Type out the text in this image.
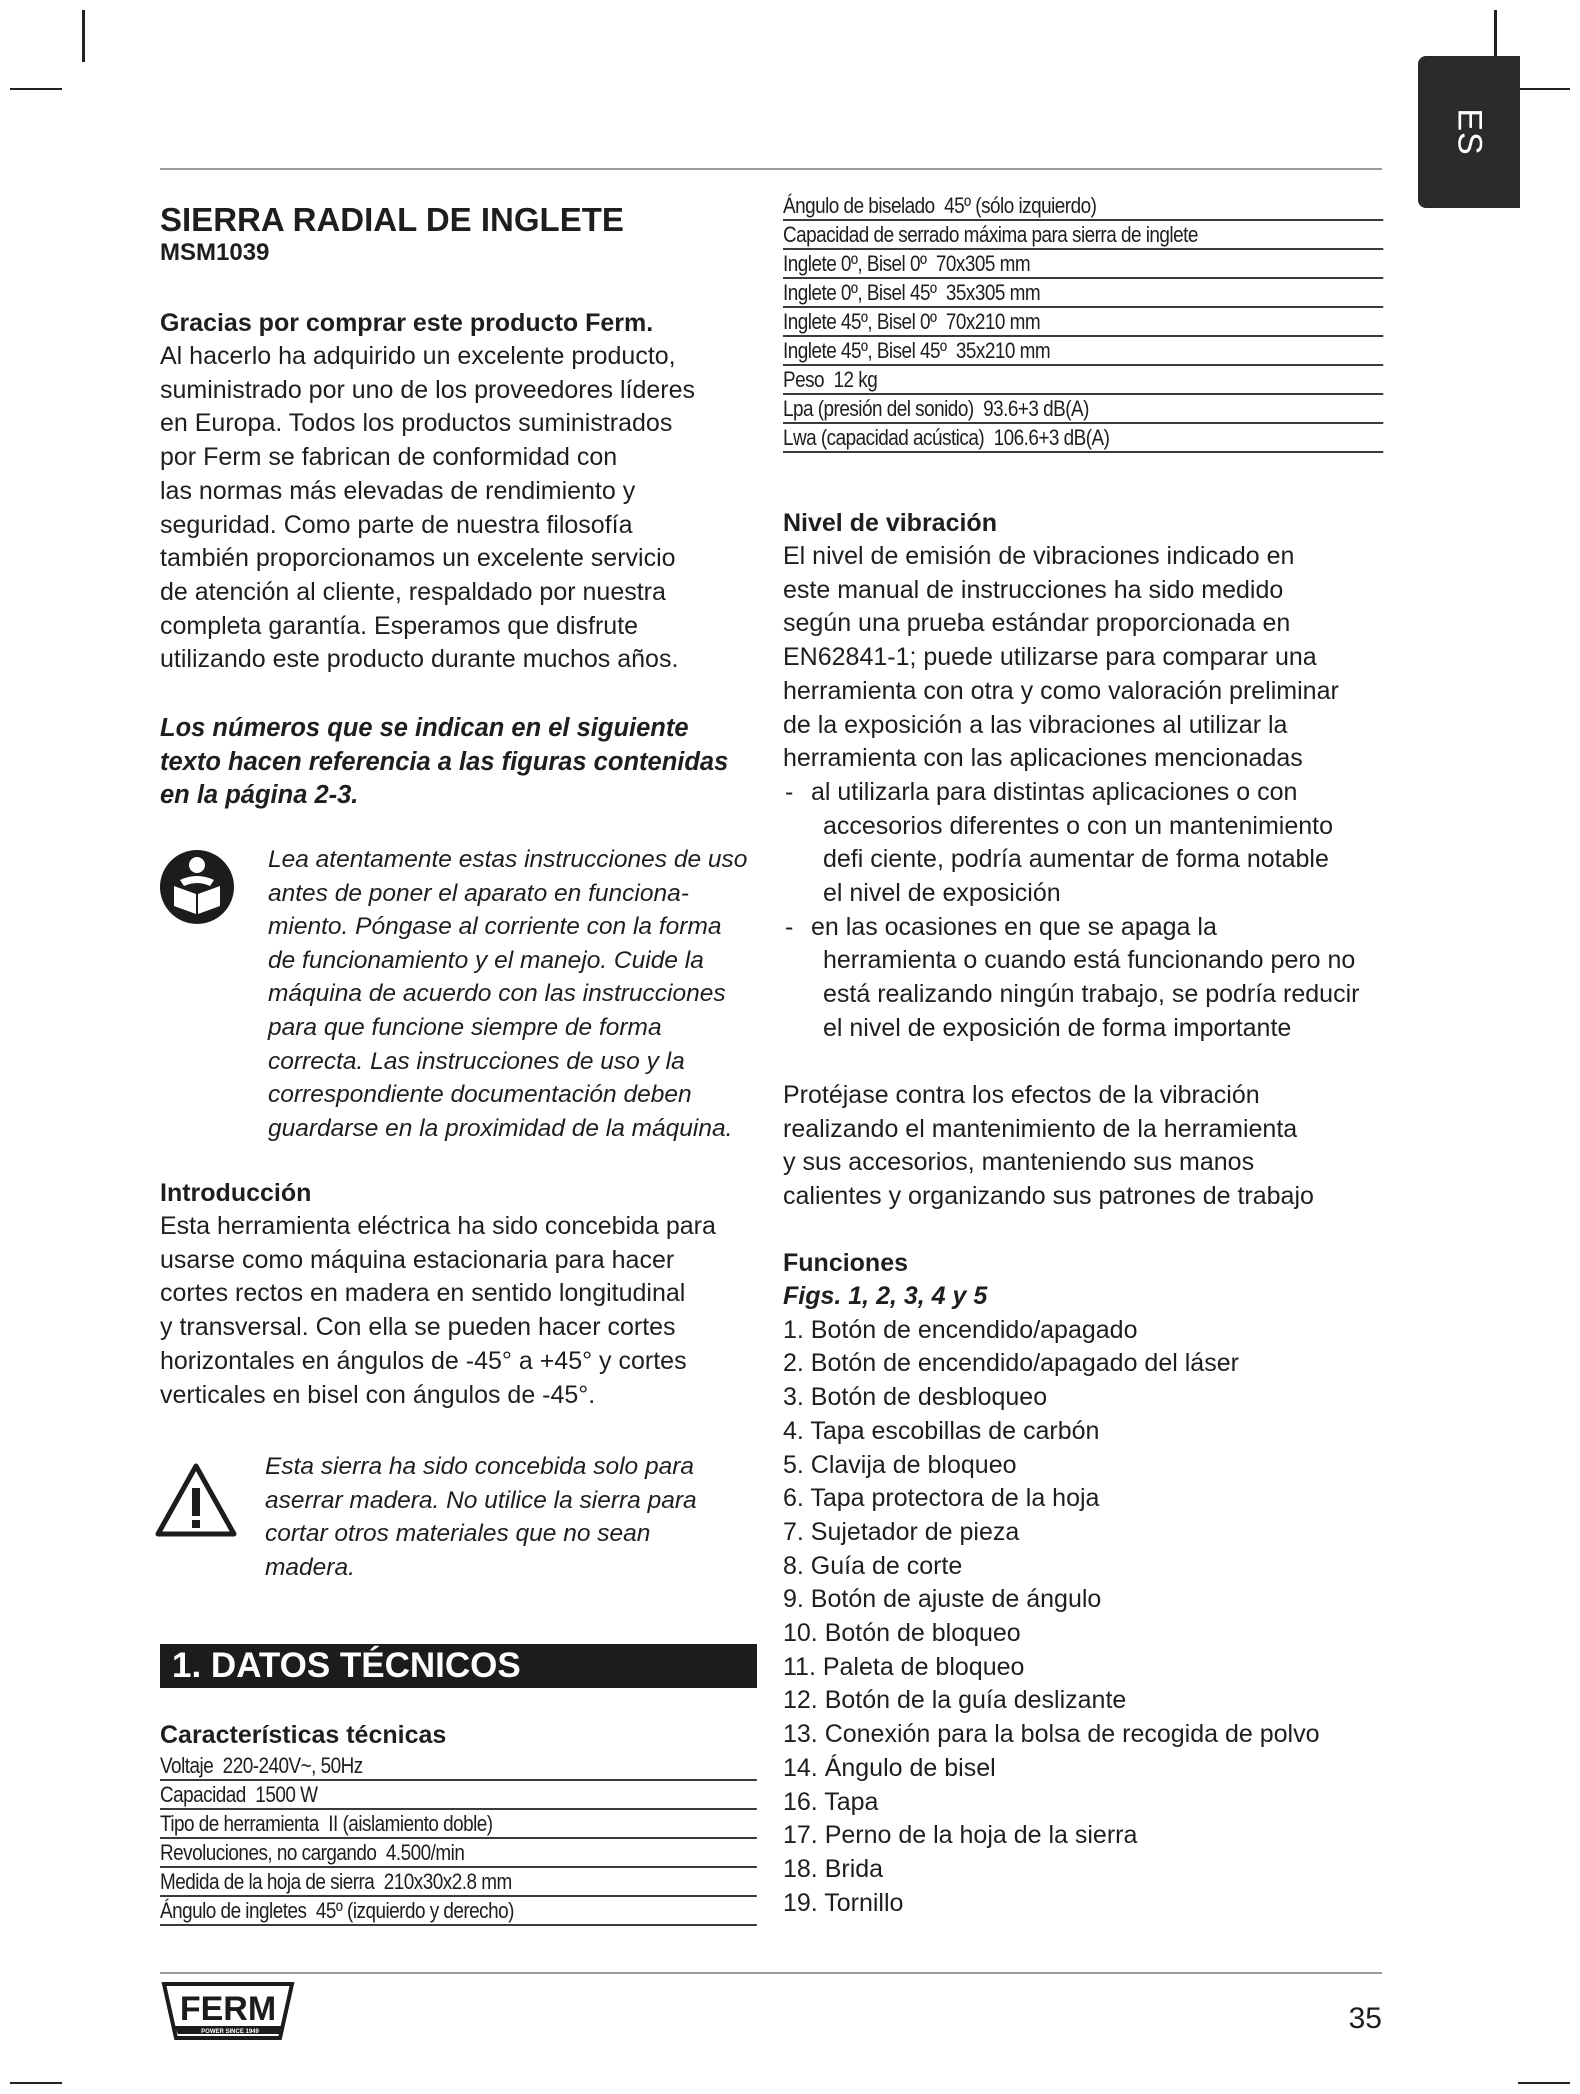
ES

SIERRA RADIAL DE INGLETE

MSM1039

Gracias por comprar este producto Ferm.

Al hacerlo ha adquirido un excelente producto,

suministrado por uno de los proveedores líderes

en Europa. Todos los productos suministrados

por Ferm se fabrican de conformidad con

las normas más elevadas de rendimiento y

seguridad. Como parte de nuestra filosofía

también proporcionamos un excelente servicio

de atención al cliente, respaldado por nuestra

completa garantía. Esperamos que disfrute

utilizando este producto durante muchos años.

Los números que se indican en el siguiente

texto hacen referencia a las figuras contenidas

en la página 2-3.

Lea atentamente estas instrucciones de uso

antes de poner el aparato en funciona-

miento. Póngase al corriente con la forma

de funcionamiento y el manejo. Cuide la

máquina de acuerdo con las instrucciones

para que funcione siempre de forma

correcta. Las instrucciones de uso y la

correspondiente documentación deben

guardarse en la proximidad de la máquina.

Introducción

Esta herramienta eléctrica ha sido concebida para

usarse como máquina estacionaria para hacer

cortes rectos en madera en sentido longitudinal

y transversal. Con ella se pueden hacer cortes

horizontales en ángulos de -45° a +45° y cortes

verticales en bisel con ángulos de -45°.

Esta sierra ha sido concebida solo para

aserrar madera. No utilice la sierra para

cortar otros materiales que no sean

madera.

1. DATOS TÉCNICOS

Características técnicas

Voltaje 220-240V~, 50Hz
Capacidad 1500 W
Tipo de herramienta II (aislamiento doble)
Revoluciones, no cargando 4.500/min
Medida de la hoja de sierra 210x30x2.8 mm
Ángulo de ingletes 45º (izquierdo y derecho)
Ángulo de biselado 45º (sólo izquierdo)
Capacidad de serrado máxima para sierra de inglete
Inglete 0º, Bisel 0º 70x305 mm
Inglete 0º, Bisel 45º 35x305 mm
Inglete 45º, Bisel 0º 70x210 mm
Inglete 45º, Bisel 45º 35x210 mm
Peso 12 kg
Lpa (presión del sonido) 93.6+3 dB(A)
Lwa (capacidad acústica) 106.6+3 dB(A)

Nivel de vibración

El nivel de emisión de vibraciones indicado en

este manual de instrucciones ha sido medido

según una prueba estándar proporcionada en

EN62841-1; puede utilizarse para comparar una

herramienta con otra y como valoración preliminar

de la exposición a las vibraciones al utilizar la

herramienta con las aplicaciones mencionadas

- al utilizarla para distintas aplicaciones o con

accesorios diferentes o con un mantenimiento

defi ciente, podría aumentar de forma notable

el nivel de exposición

- en las ocasiones en que se apaga la

herramienta o cuando está funcionando pero no

está realizando ningún trabajo, se podría reducir

el nivel de exposición de forma importante

Protéjase contra los efectos de la vibración

realizando el mantenimiento de la herramienta

y sus accesorios, manteniendo sus manos

calientes y organizando sus patrones de trabajo

Funciones

Figs. 1, 2, 3, 4 y 5

1. Botón de encendido/apagado

2. Botón de encendido/apagado del láser

3. Botón de desbloqueo

4. Tapa escobillas de carbón

5. Clavija de bloqueo

6. Tapa protectora de la hoja

7. Sujetador de pieza

8. Guía de corte

9. Botón de ajuste de ángulo

10. Botón de bloqueo

11. Paleta de bloqueo

12. Botón de la guía deslizante

13. Conexión para la bolsa de recogida de polvo

14. Ángulo de bisel

16. Tapa

17. Perno de la hoja de la sierra

18. Brida

19. Tornillo

FERM
POWER SINCE 1949	35
